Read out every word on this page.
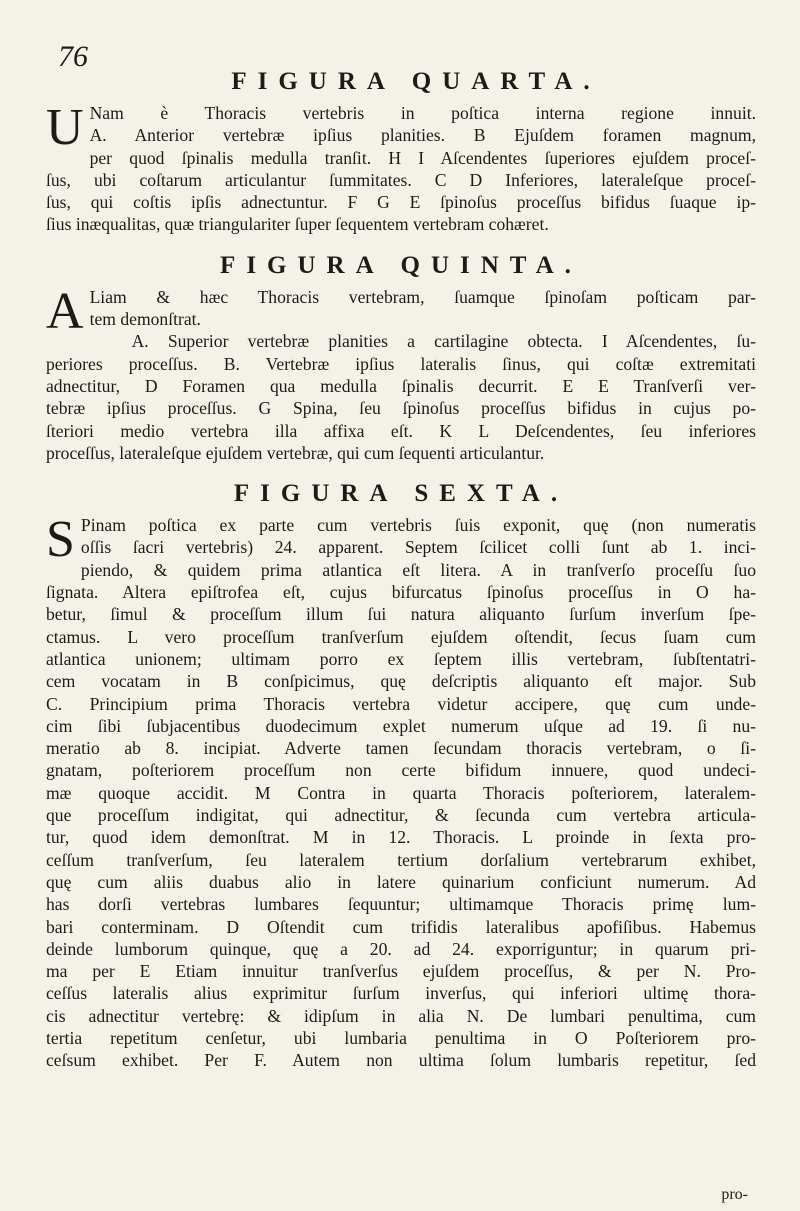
76
FIGURA QUARTA.
U Nam è Thoracis vertebris in poſtica interna regione innuit.
A. Anterior vertebræ ipſius planities. B Ejuſdem foramen magnum,
per quod ſpinalis medulla tranſit. H I Aſcendentes ſuperiores ejuſdem proceſ-
ſus, ubi coſtarum articulantur ſummitates. C D Inferiores, lateraleſque proceſ-
ſus, qui coſtis ipſis adnectuntur. F G E ſpinoſus proceſſus bifidus ſuaque ip-
ſius inæqualitas, quæ triangulariter ſuper ſequentem vertebram cohæret.
FIGURA QUINTA.
A Liam & hæc Thoracis vertebram, ſuamque ſpinoſam poſticam par-
tem demonſtrat.
A. Superior vertebræ planities a cartilagine obtecta. I Aſcendentes, ſu-
periores proceſſus. B. Vertebræ ipſius lateralis ſinus, qui coſtæ extremitati
adnectitur, D Foramen qua medulla ſpinalis decurrit. E E Tranſverſi ver-
tebræ ipſius proceſſus. G Spina, ſeu ſpinoſus proceſſus bifidus in cujus po-
ſteriori medio vertebra illa affixa eſt. K L Deſcendentes, ſeu inferiores
proceſſus, lateraleſque ejuſdem vertebræ, qui cum ſequenti articulantur.
FIGURA SEXTA.
S Pinam poſtica ex parte cum vertebris ſuis exponit, quę (non numeratis
oſſis ſacri vertebris) 24. apparent. Septem ſcilicet colli ſunt ab 1. inci-
piendo, & quidem prima atlantica eſt litera. A in tranſverſo proceſſu ſuo
ſignata. Altera epiſtrofea eſt, cujus bifurcatus ſpinoſus proceſſus in O ha-
betur, ſimul & proceſſum illum ſui natura aliquanto ſurſum inverſum ſpe-
ctamus. L vero proceſſum tranſverſum ejuſdem oſtendit, ſecus ſuam cum
atlantica unionem; ultimam porro ex ſeptem illis vertebram, ſubſtentatri-
cem vocatam in B conſpicimus, quę deſcriptis aliquanto eſt major. Sub
C. Principium prima Thoracis vertebra videtur accipere, quę cum unde-
cim ſibi ſubjacentibus duodecimum explet numerum uſque ad 19. ſi nu-
meratio ab 8. incipiat. Adverte tamen ſecundam thoracis vertebram, o ſi-
gnatam, poſteriorem proceſſum non certe bifidum innuere, quod undeci-
mæ quoque accidit. M Contra in quarta Thoracis poſteriorem, lateralem-
que proceſſum indigitat, qui adnectitur, & ſecunda cum vertebra articula-
tur, quod idem demonſtrat. M in 12. Thoracis. L proinde in ſexta pro-
ceſſum tranſverſum, ſeu lateralem tertium dorſalium vertebrarum exhibet,
quę cum aliis duabus alio in latere quinarium conficiunt numerum. Ad
has dorſi vertebras lumbares ſequuntur; ultimamque Thoracis primę lum-
bari conterminam. D Oſtendit cum trifidis lateralibus apofiſibus. Habemus
deinde lumborum quinque, quę a 20. ad 24. exporriguntur; in quarum pri-
ma per E Etiam innuitur tranſverſus ejuſdem proceſſus, & per N. Pro-
ceſſus lateralis alius exprimitur ſurſum inverſus, qui inferiori ultimę thora-
cis adnectitur vertebrę: & idipſum in alia N. De lumbari penultima, cum
tertia repetitum cenſetur, ubi lumbaria penultima in O Poſteriorem pro-
ceſsum exhibet. Per F. Autem non ultima ſolum lumbaris repetitur, ſed
pro-
